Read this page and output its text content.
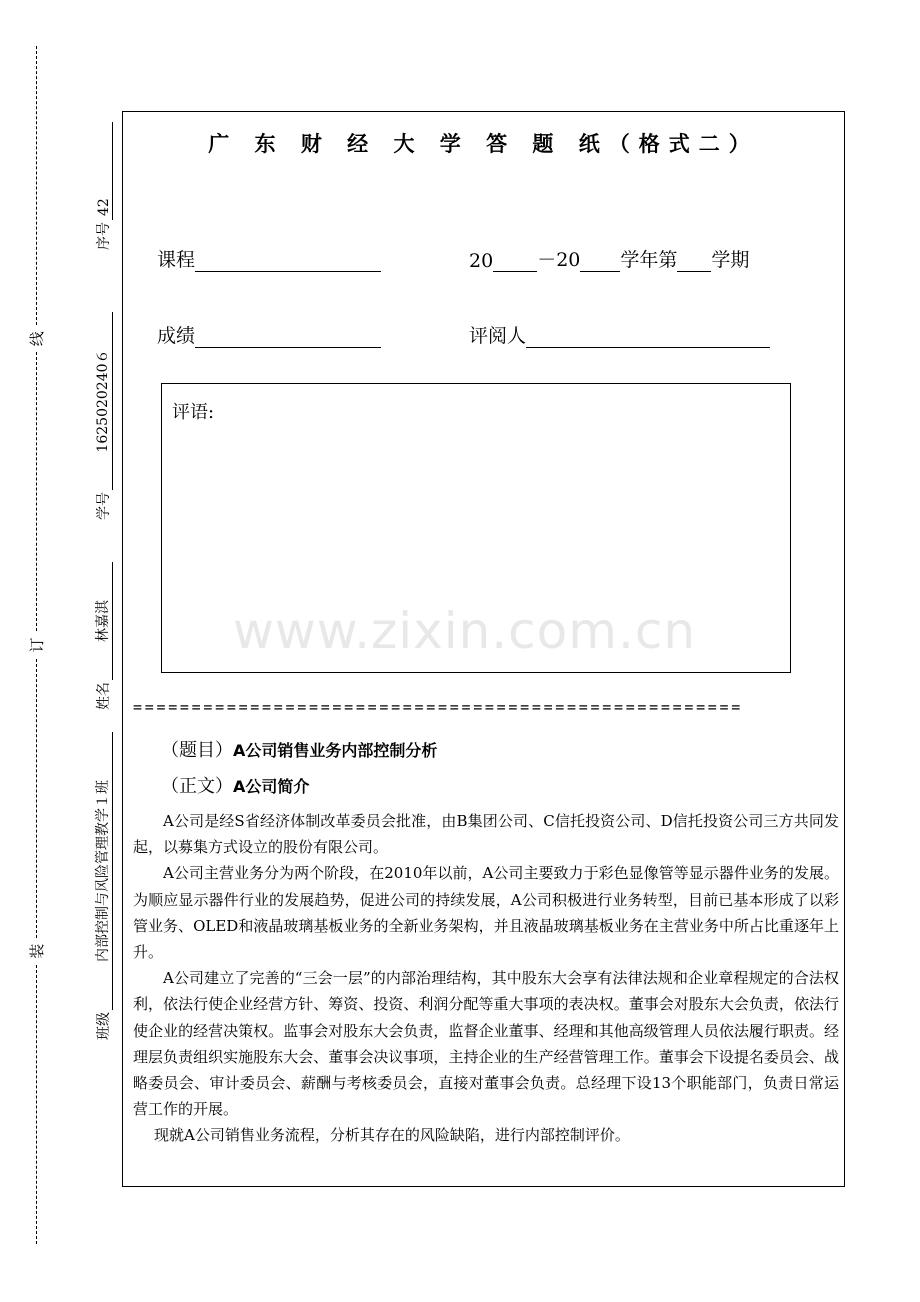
装
订
线
班级
内部控制与风险管理教学１班
姓名
林嘉淇
学号
1625020240６
序号
42
广 东 财 经 大 学 答 题 纸（格式二）
课程	20 －20 学年第 学期
成绩	评阅人
评语:
www.zixin.com.cn
====================================================
（题目）A公司销售业务内部控制分析
（正文）A公司简介

A公司是经S省经济体制改革委员会批准，由B集团公司、C信托投资公司、D信托投资公司三方共同发起，以募集方式设立的股份有限公司。

A公司主营业务分为两个阶段，在2010年以前，A公司主要致力于彩色显像管等显示器件业务的发展。为顺应显示器件行业的发展趋势，促进公司的持续发展，A公司积极进行业务转型，目前已基本形成了以彩管业务、OLED和液晶玻璃基板业务的全新业务架构，并且液晶玻璃基板业务在主营业务中所占比重逐年上升。

A公司建立了完善的“三会一层”的内部治理结构，其中股东大会享有法律法规和企业章程规定的合法权利，依法行使企业经营方针、筹资、投资、利润分配等重大事项的表决权。董事会对股东大会负责，依法行使企业的经营决策权。监事会对股东大会负责，监督企业董事、经理和其他高级管理人员依法履行职责。经理层负责组织实施股东大会、董事会决议事项，主持企业的生产经营管理工作。董事会下设提名委员会、战略委员会、审计委员会、薪酬与考核委员会，直接对董事会负责。总经理下设13个职能部门，负责日常运营工作的开展。

现就A公司销售业务流程，分析其存在的风险缺陷，进行内部控制评价。
